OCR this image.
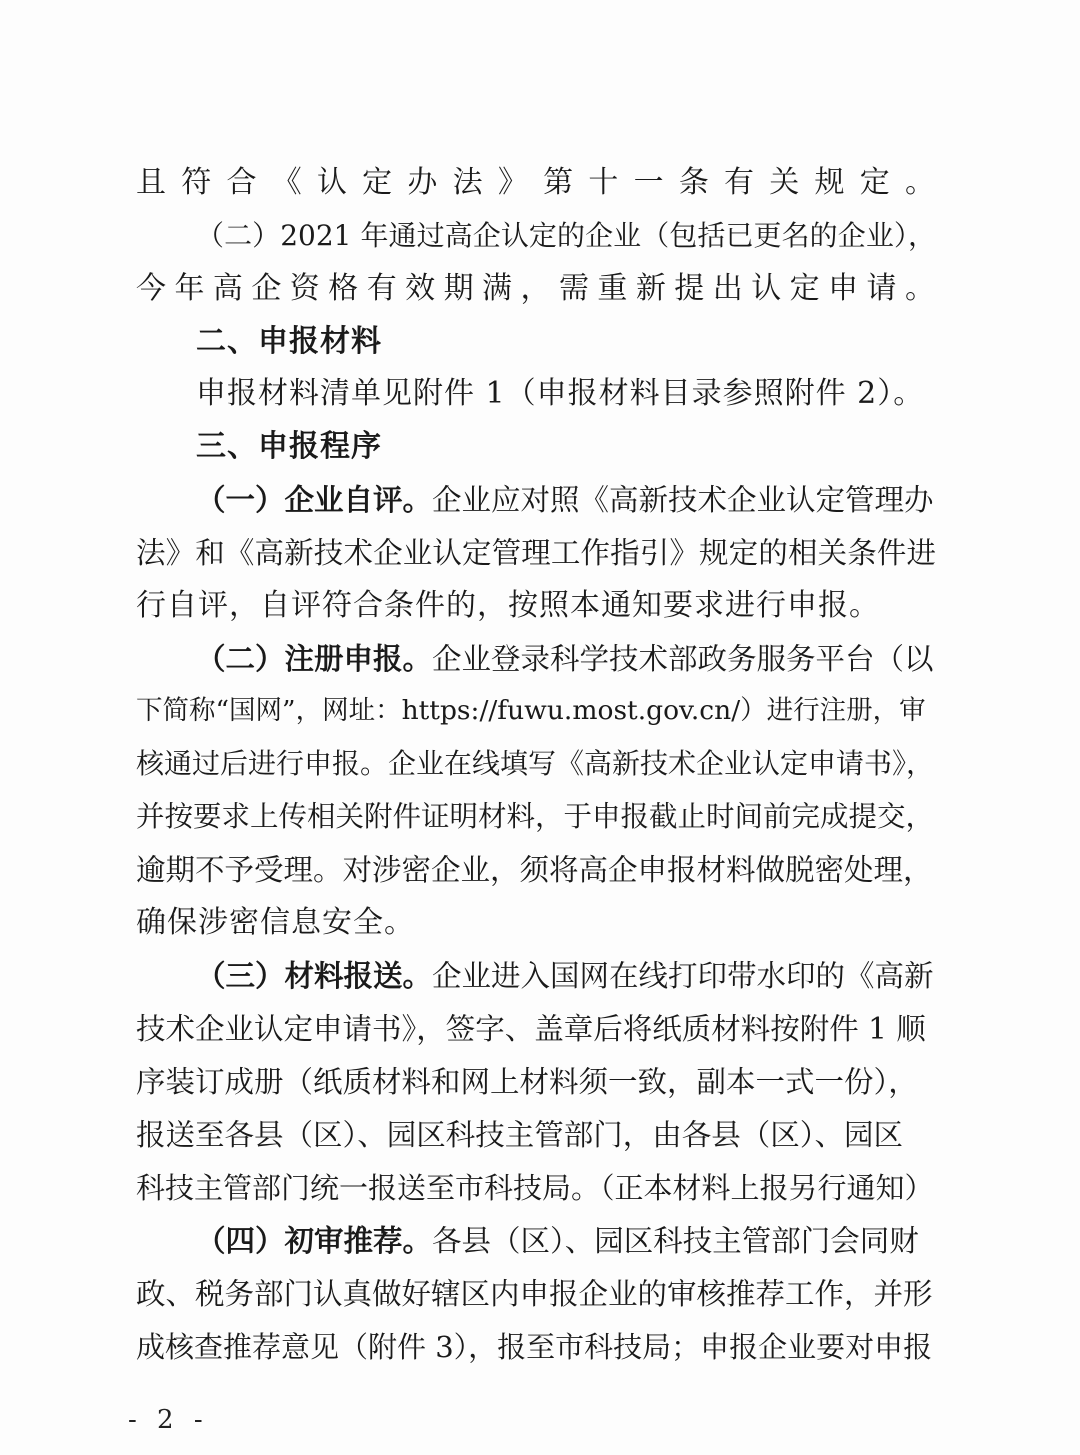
且符合《认定办法》第十一条有关规定。
（二）2021 年通过高企认定的企业（包括已更名的企业），
今年高企资格有效期满，需重新提出认定申请。
二、申报材料
申报材料清单见附件 1（申报材料目录参照附件 2）。
三、申报程序
（一）企业自评。企业应对照《高新技术企业认定管理办
法》和《高新技术企业认定管理工作指引》规定的相关条件进
行自评，自评符合条件的，按照本通知要求进行申报。
（二）注册申报。企业登录科学技术部政务服务平台（以
下简称“国网”，网址：https://fuwu.most.gov.cn/）进行注册，审
核通过后进行申报。企业在线填写《高新技术企业认定申请书》，
并按要求上传相关附件证明材料，于申报截止时间前完成提交，
逾期不予受理。对涉密企业，须将高企申报材料做脱密处理，
确保涉密信息安全。
（三）材料报送。企业进入国网在线打印带水印的《高新
技术企业认定申请书》，签字、盖章后将纸质材料按附件 1 顺
序装订成册（纸质材料和网上材料须一致，副本一式一份），
报送至各县（区）、园区科技主管部门，由各县（区）、园区
科技主管部门统一报送至市科技局。（正本材料上报另行通知）
（四）初审推荐。各县（区）、园区科技主管部门会同财
政、税务部门认真做好辖区内申报企业的审核推荐工作，并形
成核查推荐意见（附件 3），报至市科技局；申报企业要对申报
- 2 -
